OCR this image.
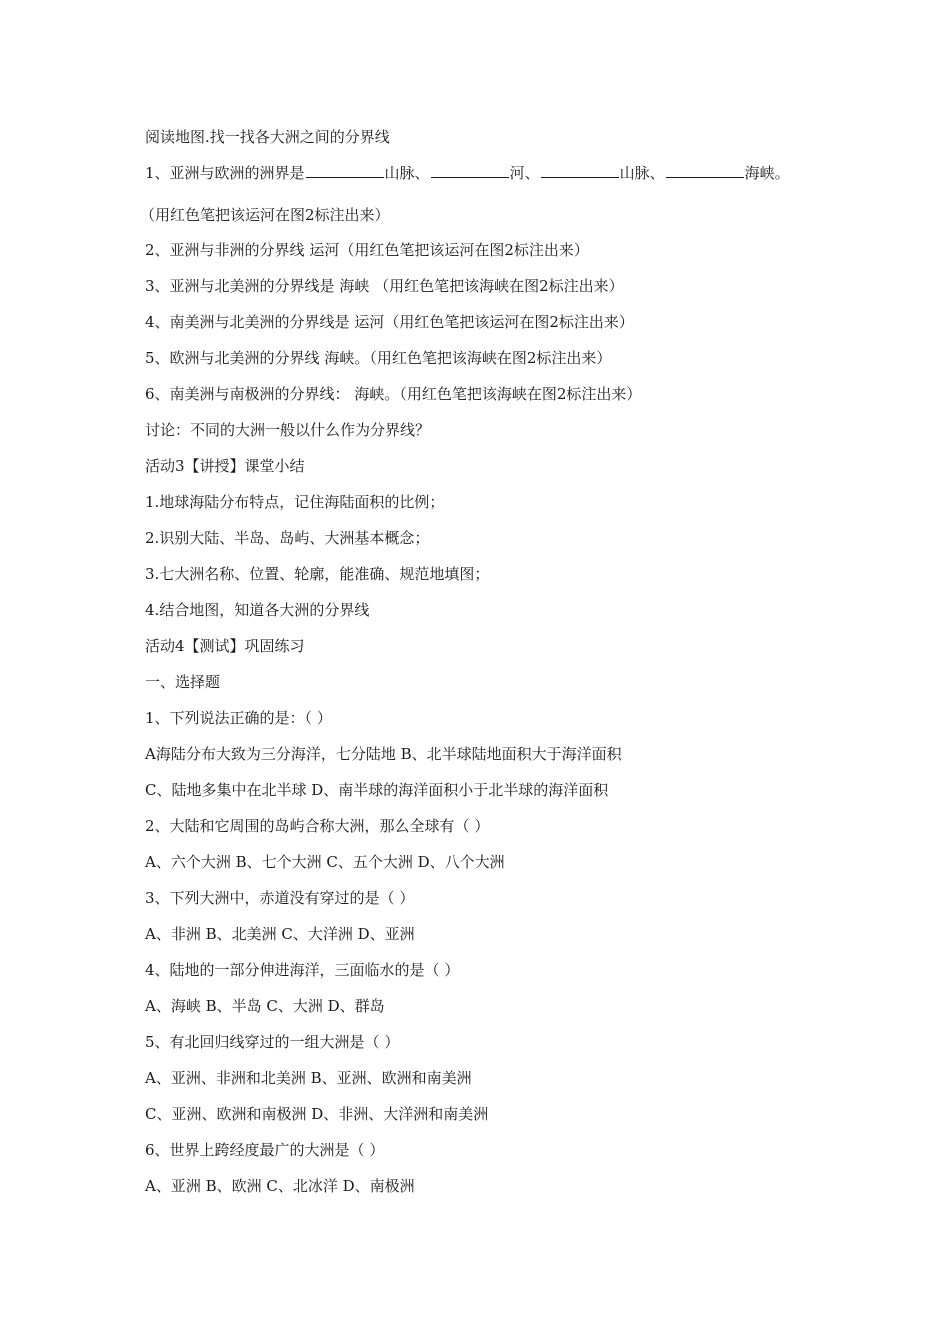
阅读地图.找一找各大洲之间的分界线
1、亚洲与欧洲的洲界是	山脉、	河、	山脉、	海峡。
（用红色笔把该运河在图2标注出来）
2、亚洲与非洲的分界线 运河（用红色笔把该运河在图2标注出来）
3、亚洲与北美洲的分界线是 海峡 （用红色笔把该海峡在图2标注出来）
4、南美洲与北美洲的分界线是 运河（用红色笔把该运河在图2标注出来）
5、欧洲与北美洲的分界线 海峡。（用红色笔把该海峡在图2标注出来）
6、南美洲与南极洲的分界线： 海峡。（用红色笔把该海峡在图2标注出来）
讨论：不同的大洲一般以什么作为分界线？
活动3【讲授】课堂小结
1.地球海陆分布特点，记住海陆面积的比例；
2.识别大陆、半岛、岛屿、大洲基本概念；
3.七大洲名称、位置、轮廓，能准确、规范地填图；
4.结合地图，知道各大洲的分界线
活动4【测试】巩固练习
一、选择题
1、下列说法正确的是：（ ）
A海陆分布大致为三分海洋，七分陆地 B、北半球陆地面积大于海洋面积
C、陆地多集中在北半球 D、南半球的海洋面积小于北半球的海洋面积
2、大陆和它周围的岛屿合称大洲，那么全球有（ ）
A、六个大洲 B、七个大洲 C、五个大洲 D、八个大洲
3、下列大洲中，赤道没有穿过的是（ ）
A、非洲 B、北美洲 C、大洋洲 D、亚洲
4、陆地的一部分伸进海洋，三面临水的是（ ）
A、海峡 B、半岛 C、大洲 D、群岛
5、有北回归线穿过的一组大洲是（ ）
A、亚洲、非洲和北美洲 B、亚洲、欧洲和南美洲
C、亚洲、欧洲和南极洲 D、非洲、大洋洲和南美洲
6、世界上跨经度最广的大洲是（ ）
A、亚洲 B、欧洲 C、北冰洋 D、南极洲
